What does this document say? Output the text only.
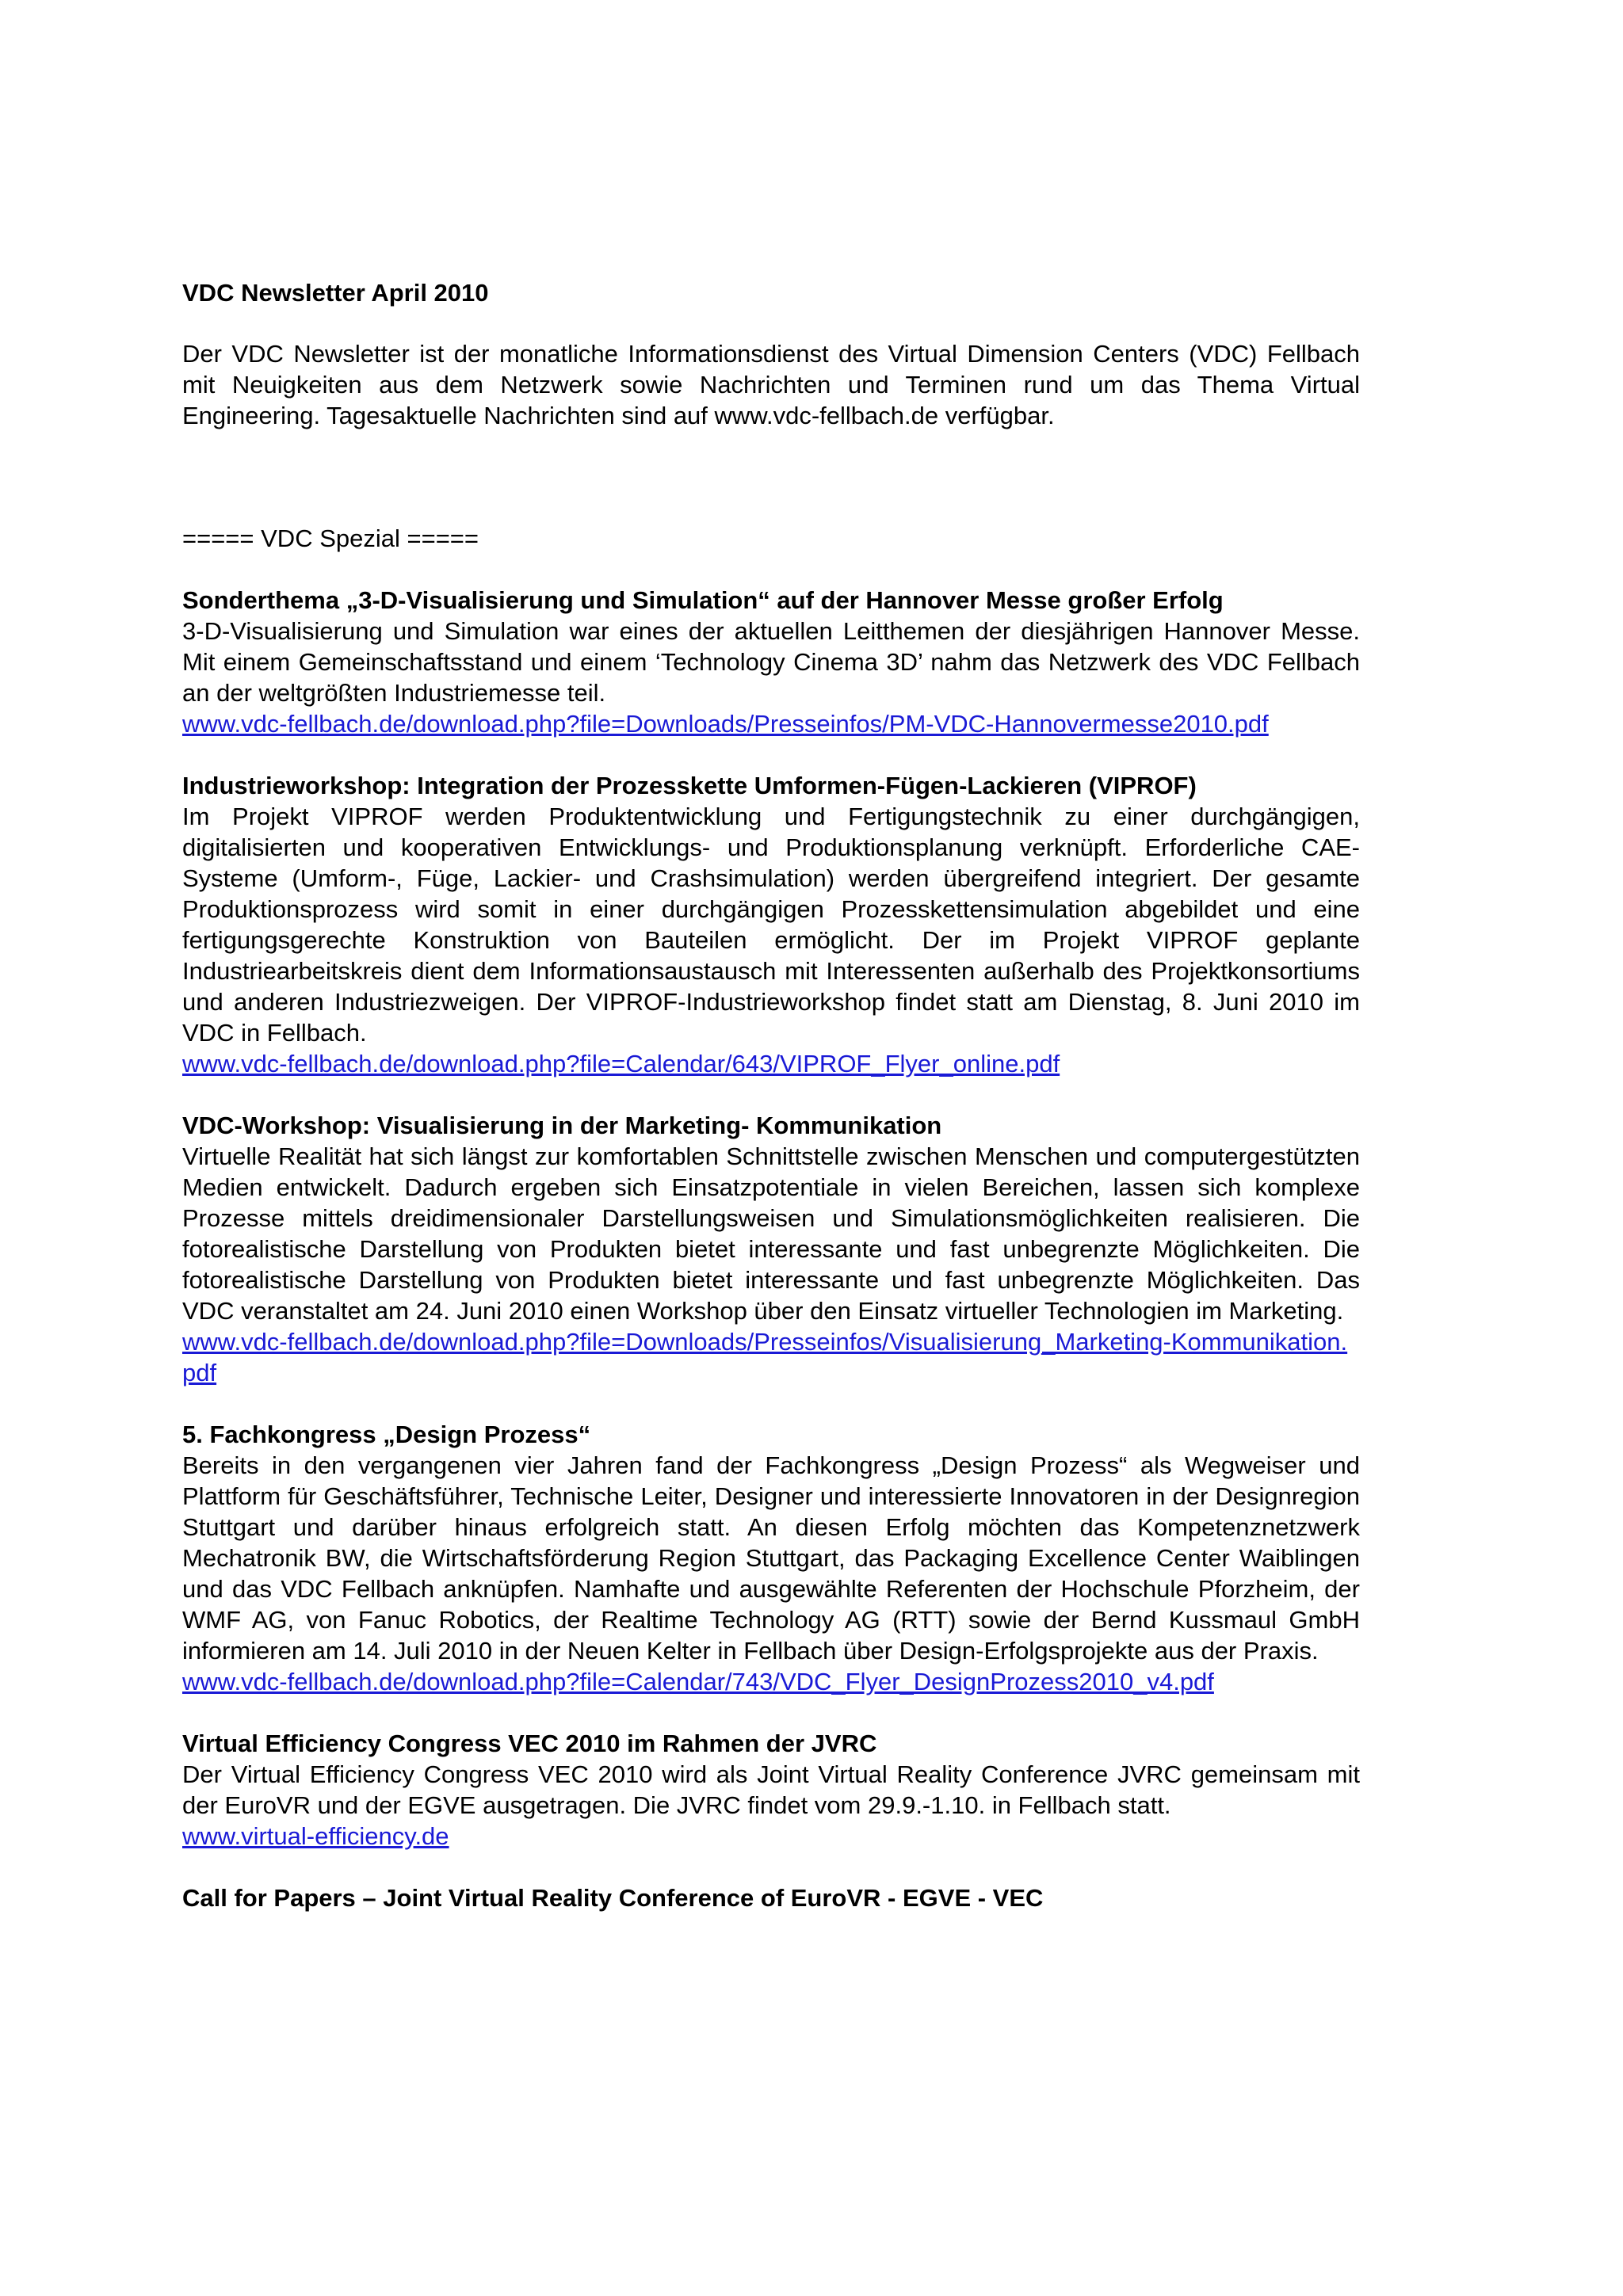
VDC Newsletter April 2010

Der VDC Newsletter ist der monatliche Informationsdienst des Virtual Dimension Centers (VDC) Fellbach mit Neuigkeiten aus dem Netzwerk sowie Nachrichten und Terminen rund um das Thema Virtual Engineering. Tagesaktuelle Nachrichten sind auf www.vdc-fellbach.de verfügbar.

===== VDC Spezial =====

Sonderthema „3-D-Visualisierung und Simulation“ auf der Hannover Messe großer Erfolg

3-D-Visualisierung und Simulation war eines der aktuellen Leitthemen der diesjährigen Hannover Messe. Mit einem Gemeinschaftsstand und einem ‘Technology Cinema 3D’ nahm das Netzwerk des VDC Fellbach an der weltgrößten Industriemesse teil.

www.vdc-fellbach.de/download.php?file=Downloads/Presseinfos/PM-VDC-Hannovermesse2010.pdf

Industrieworkshop: Integration der Prozesskette Umformen-Fügen-Lackieren (VIPROF)

Im Projekt VIPROF werden Produktentwicklung und Fertigungstechnik zu einer durchgängigen, digitalisierten und kooperativen Entwicklungs- und Produktionsplanung verknüpft. Erforderliche CAE-Systeme (Umform-, Füge, Lackier- und Crashsimulation) werden übergreifend integriert. Der gesamte Produktionsprozess wird somit in einer durchgängigen Prozesskettensimulation abgebildet und eine fertigungsgerechte Konstruktion von Bauteilen ermöglicht. Der im Projekt VIPROF geplante Industriearbeitskreis dient dem Informationsaustausch mit Interessenten außerhalb des Projektkonsortiums und anderen Industriezweigen. Der VIPROF-Industrieworkshop findet statt am Dienstag, 8. Juni 2010 im VDC in Fellbach.

www.vdc-fellbach.de/download.php?file=Calendar/643/VIPROF_Flyer_online.pdf

VDC-Workshop: Visualisierung in der Marketing- Kommunikation

Virtuelle Realität hat sich längst zur komfortablen Schnittstelle zwischen Menschen und computergestützten Medien entwickelt. Dadurch ergeben sich Einsatzpotentiale in vielen Bereichen, lassen sich komplexe Prozesse mittels dreidimensionaler Darstellungsweisen und Simulationsmöglichkeiten realisieren. Die fotorealistische Darstellung von Produkten bietet interessante und fast unbegrenzte Möglichkeiten. Die fotorealistische Darstellung von Produkten bietet interessante und fast unbegrenzte Möglichkeiten. Das VDC veranstaltet am 24. Juni 2010 einen Workshop über den Einsatz virtueller Technologien im Marketing.

www.vdc-fellbach.de/download.php?file=Downloads/Presseinfos/Visualisierung_Marketing-Kommunikation.pdf

5. Fachkongress „Design Prozess“

Bereits in den vergangenen vier Jahren fand der Fachkongress „Design Prozess“ als Wegweiser und Plattform für Geschäftsführer, Technische Leiter, Designer und interessierte Innovatoren in der Designregion Stuttgart und darüber hinaus erfolgreich statt. An diesen Erfolg möchten das Kompetenznetzwerk Mechatronik BW, die Wirtschaftsförderung Region Stuttgart, das Packaging Excellence Center Waiblingen und das VDC Fellbach anknüpfen. Namhafte und ausgewählte Referenten der Hochschule Pforzheim, der WMF AG, von Fanuc Robotics, der Realtime Technology AG (RTT) sowie der Bernd Kussmaul GmbH informieren am 14. Juli 2010 in der Neuen Kelter in Fellbach über Design-Erfolgsprojekte aus der Praxis.

www.vdc-fellbach.de/download.php?file=Calendar/743/VDC_Flyer_DesignProzess2010_v4.pdf

Virtual Efficiency Congress VEC 2010 im Rahmen der JVRC

Der Virtual Efficiency Congress VEC 2010 wird als Joint Virtual Reality Conference JVRC gemeinsam mit der EuroVR und der EGVE ausgetragen. Die JVRC findet vom 29.9.-1.10. in Fellbach statt.

www.virtual-efficiency.de

Call for Papers – Joint Virtual Reality Conference of EuroVR - EGVE - VEC
